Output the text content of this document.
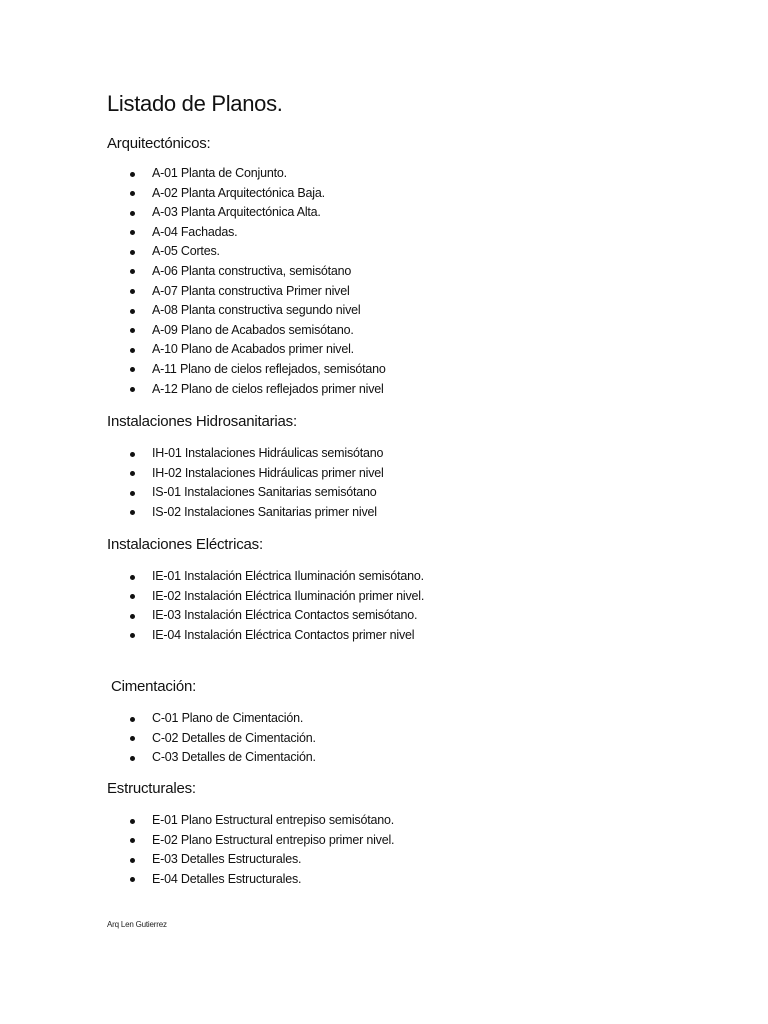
Listado de Planos.
Arquitectónicos:
A-01 Planta de Conjunto.
A-02 Planta Arquitectónica Baja.
A-03 Planta Arquitectónica Alta.
A-04 Fachadas.
A-05 Cortes.
A-06 Planta constructiva, semisótano
A-07 Planta constructiva Primer nivel
A-08 Planta constructiva segundo nivel
A-09 Plano de Acabados semisótano.
A-10 Plano de Acabados primer nivel.
A-11 Plano de cielos reflejados, semisótano
A-12 Plano de cielos reflejados primer nivel
Instalaciones Hidrosanitarias:
IH-01 Instalaciones Hidráulicas semisótano
IH-02 Instalaciones Hidráulicas primer nivel
IS-01 Instalaciones Sanitarias semisótano
IS-02 Instalaciones Sanitarias primer nivel
Instalaciones Eléctricas:
IE-01 Instalación Eléctrica Iluminación semisótano.
IE-02 Instalación Eléctrica Iluminación primer nivel.
IE-03 Instalación Eléctrica Contactos semisótano.
IE-04 Instalación Eléctrica Contactos primer nivel
Cimentación:
C-01 Plano de Cimentación.
C-02 Detalles de Cimentación.
C-03 Detalles de Cimentación.
Estructurales:
E-01 Plano Estructural entrepiso semisótano.
E-02 Plano Estructural entrepiso primer nivel.
E-03 Detalles Estructurales.
E-04 Detalles Estructurales.
Arq Len Gutierrez
